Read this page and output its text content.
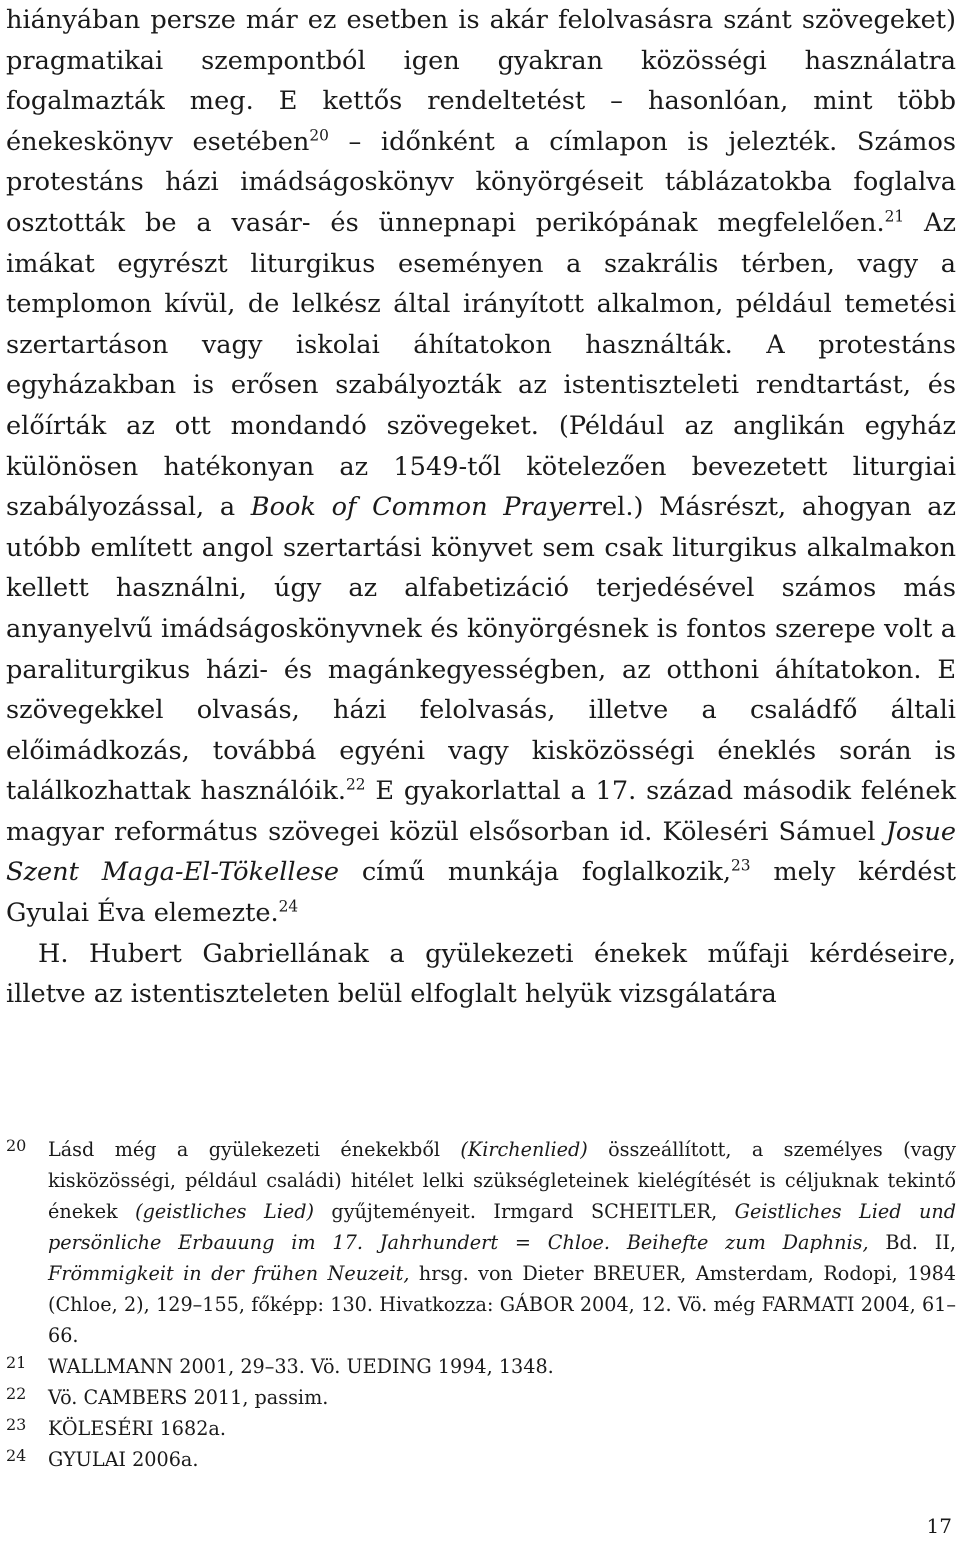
hiányában persze már ez esetben is akár felolvasásra szánt szövegeket) pragmatikai szempontból igen gyakran közösségi használatra fogalmazták meg. E kettős rendeltetést – hasonlóan, mint több énekeskönyv esetében$^{20}$ – időnként a címlapon is jelezték. Számos protestáns házi imádságoskönyv könyörgéseit táblázatokba foglalva osztották be a vasár- és ünnepnapi perikópának megfelelően.$^{21}$ Az imákat egyrészt liturgikus eseményen a szakrális térben, vagy a templomon kívül, de lelkész által irányított alkalmon, például temetési szertartáson vagy iskolai áhítatokon használták. A protestáns egyházakban is erősen szabályozták az istentiszteleti rendtartást, és előírták az ott mondandó szövegeket. (Például az anglikán egyház különösen hatékonyan az 1549-től kötelezően bevezetett liturgiai szabályozással, a Book of Common Prayerrel.) Másrészt, ahogyan az utóbb említett angol szertartási könyvet sem csak liturgikus alkalmakon kellett használni, úgy az alfabetizáció terjedésével számos más anyanyelvű imádságoskönyvnek és könyörgésnek is fontos szerepe volt a paraliturgikus házi- és magánkegyességben, az otthoni áhítatokon. E szövegekkel olvasás, házi felolvasás, illetve a családfő általi előimádkozás, továbbá egyéni vagy kisközösségi éneklés során is találkozhattak használóik.$^{22}$ E gyakorlattal a 17. század második felének magyar református szövegei közül elsősorban id. Köleséri Sámuel Josue Szent Maga-El-Tökellese című munkája foglalkozik,$^{23}$ mely kérdést Gyulai Éva elemezte.$^{24}$

H. Hubert Gabriellának a gyülekezeti énekek műfaji kérdéseire, illetve az istentiszteleten belül elfoglalt helyük vizsgálatára

20 Lásd még a gyülekezeti énekekből (Kirchenlied) összeállított, a személyes (vagy kisközösségi, például családi) hitélet lelki szükségleteinek kielégítését is céljuknak tekintő énekek (geistliches Lied) gyűjteményeit. Irmgard SCHEITLER, Geistliches Lied und persönliche Erbauung im 17. Jahrhundert = Chloe. Beihefte zum Daphnis, Bd. II, Frömmigkeit in der frühen Neuzeit, hrsg. von Dieter BREUER, Amsterdam, Rodopi, 1984 (Chloe, 2), 129–155, főképp: 130. Hivatkozza: GÁBOR 2004, 12. Vö. még FARMATI 2004, 61–66.

21 WALLMANN 2001, 29–33. Vö. UEDING 1994, 1348.

22 Vö. CAMBERS 2011, passim.

23 KÖLESÉRI 1682a.

24 GYULAI 2006a.

17
